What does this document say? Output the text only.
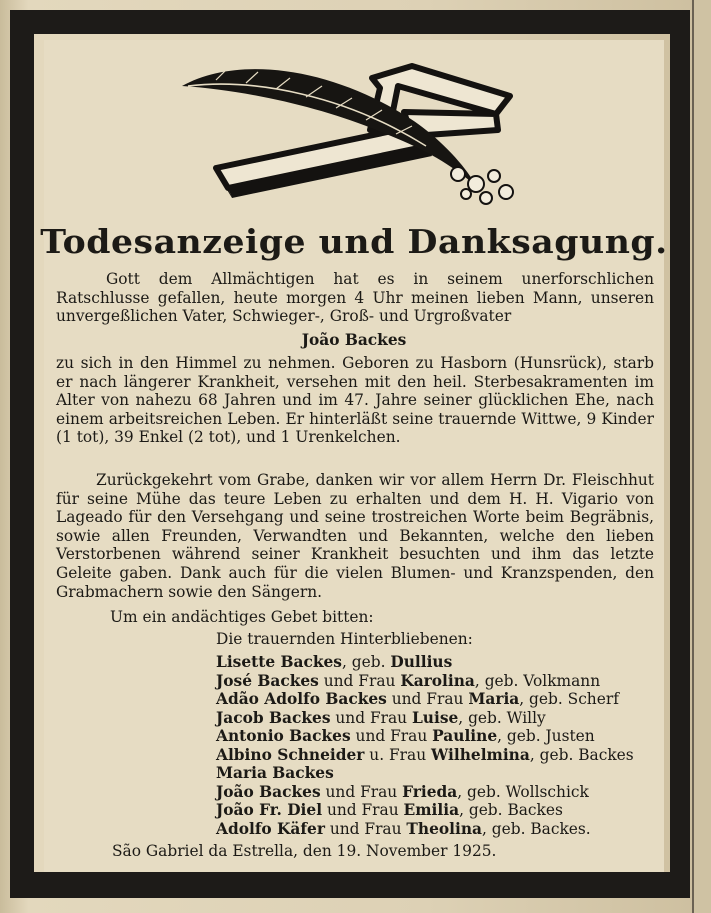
Todesanzeige und Danksagung.
Gott dem Allmächtigen hat es in seinem unerforschlichen Ratschlusse gefallen, heute morgen 4 Uhr meinen lieben Mann, unseren unvergeßlichen Vater, Schwieger-, Groß- und Urgroßvater
João Backes
zu sich in den Himmel zu nehmen. Geboren zu Hasborn (Hunsrück), starb er nach längerer Krankheit, versehen mit den heil. Sterbesakramenten im Alter von nahezu 68 Jahren und im 47. Jahre seiner glücklichen Ehe, nach einem arbeitsreichen Leben. Er hinterläßt seine trauernde Wittwe, 9 Kinder (1 tot), 39 Enkel (2 tot), und 1 Urenkelchen.
Zurückgekehrt vom Grabe, danken wir vor allem Herrn Dr. Fleischhut für seine Mühe das teure Leben zu erhalten und dem H. H. Vigario von Lageado für den Versehgang und seine trostreichen Worte beim Begräbnis, sowie allen Freunden, Verwandten und Bekannten, welche den lieben Verstorbenen während seiner Krankheit besuchten und ihm das letzte Geleite gaben. Dank auch für die vielen Blumen- und Kranzspenden, den Grabmachern sowie den Sängern.
Um ein andächtiges Gebet bitten:
Die trauernden Hinterbliebenen:
Lisette Backes, geb. Dullius
José Backes und Frau Karolina, geb. Volkmann
Adão Adolfo Backes und Frau Maria, geb. Scherf
Jacob Backes und Frau Luise, geb. Willy
Antonio Backes und Frau Pauline, geb. Justen
Albino Schneider u. Frau Wilhelmina, geb. Backes
Maria Backes
João Backes und Frau Frieda, geb. Wollschick
João Fr. Diel und Frau Emilia, geb. Backes
Adolfo Käfer und Frau Theolina, geb. Backes.
São Gabriel da Estrella, den 19. November 1925.
